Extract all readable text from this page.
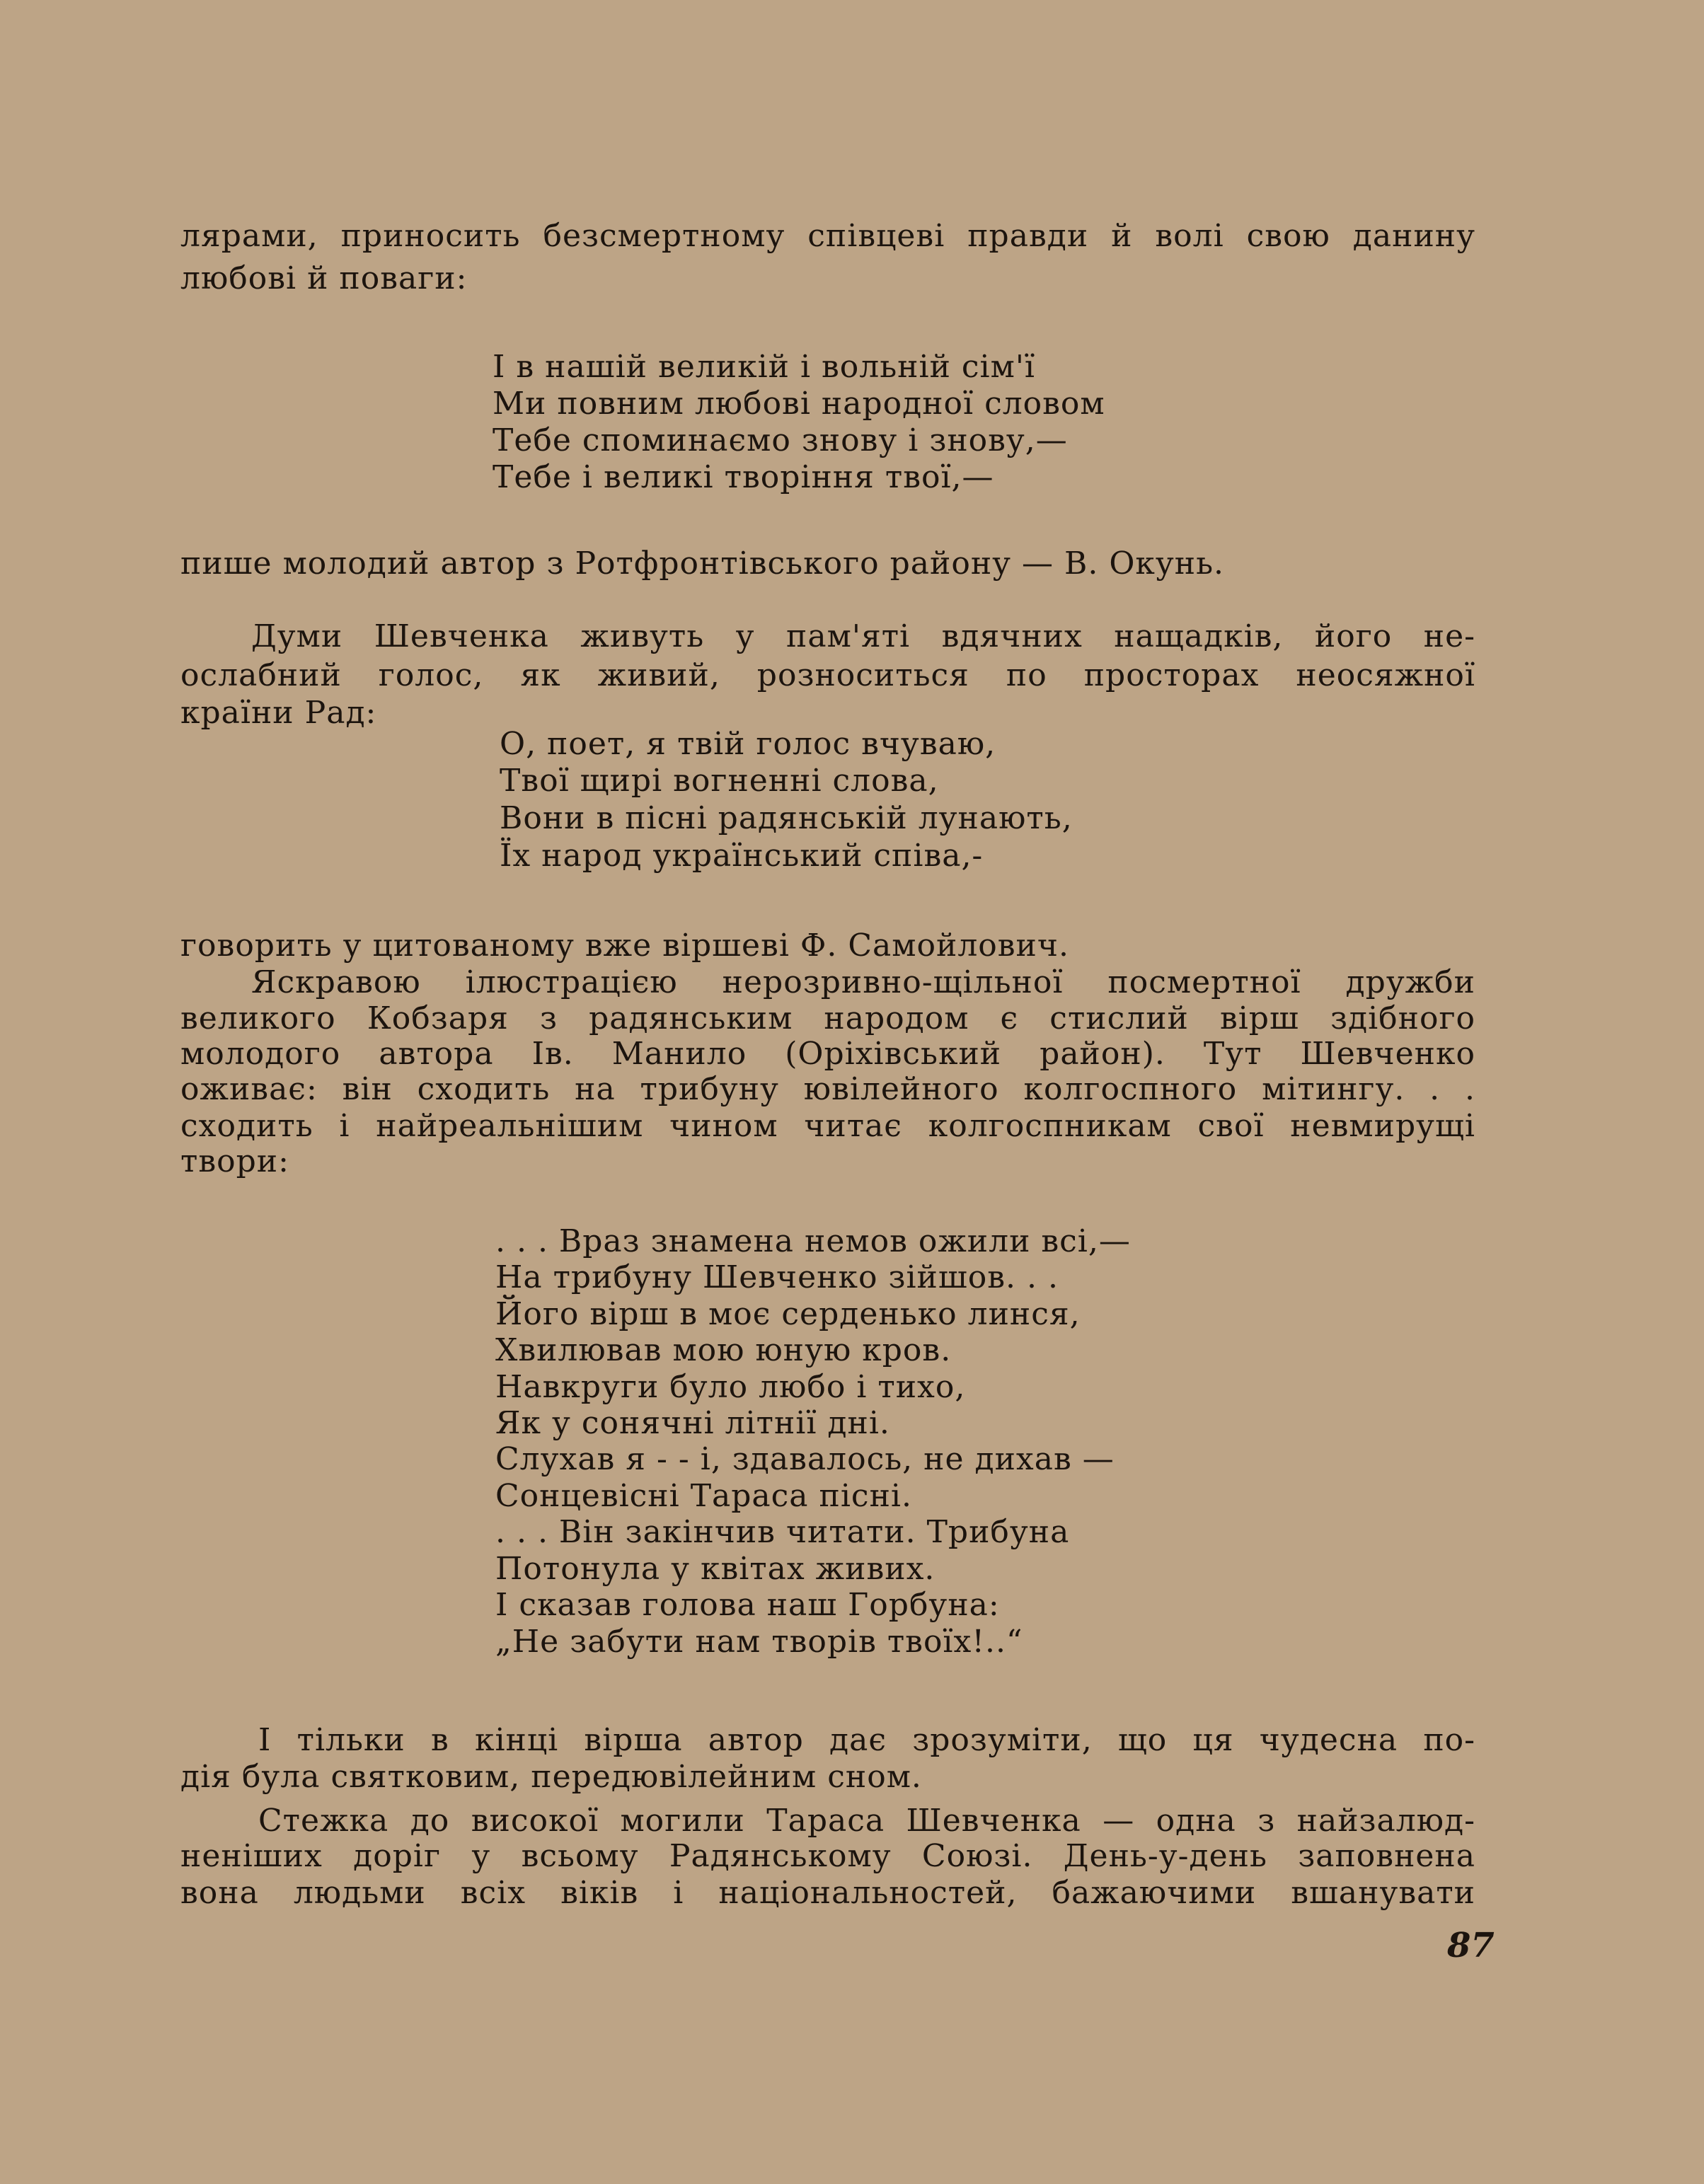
лярами, приносить безсмертному співцеві правди й волі свою данину
любові й поваги:
І в нашій великій і вольній сім'ї
Ми повним любові народної словом
Тебе споминаємо знову і знову,—
Тебе і великі творіння твої,—
пише молодий автор з Ротфронтівського району — В. Окунь.
Думи Шевченка живуть у пам'яті вдячних нащадків, його не-
ослабний голос, як живий, розноситься по просторах неосяжної
країни Рад:
О, поет, я твій голос вчуваю,
Твої щирі вогненні слова,
Вони в пісні радянській лунають,
Їх народ український співа,-
говорить у цитованому вже віршеві Ф. Самойлович.
Яскравою ілюстрацією нерозривно-щільної посмертної дружби
великого Кобзаря з радянським народом є стислий вірш здібного
молодого автора Ів. Манило (Оріхівський район). Тут Шевченко
оживає: він сходить на трибуну ювілейного колгоспного мітингу. . .
сходить і найреальнішим чином читає колгоспникам свої невмирущі
твори:
. . . Враз знамена немов ожили всі,—
На трибуну Шевченко зійшов. . .
Його вірш в моє серденько линся,
Хвилював мою юную кров.
Навкруги було любо і тихо,
Як у сонячні літнії дні.
Слухав я - - і, здавалось, не дихав —
Сонцевісні Тараса пісні.
. . . Він закінчив читати. Трибуна
Потонула у квітах живих.
І сказав голова наш Горбуна:
„Не забути нам творів твоїх!..“
І тільки в кінці вірша автор дає зрозуміти, що ця чудесна по-
дія була святковим, передювілейним сном.
Стежка до високої могили Тараса Шевченка — одна з найзалюд-
неніших доріг у всьому Радянському Союзі. День-у-день заповнена
вона людьми всіх віків і національностей, бажаючими вшанувати
87
